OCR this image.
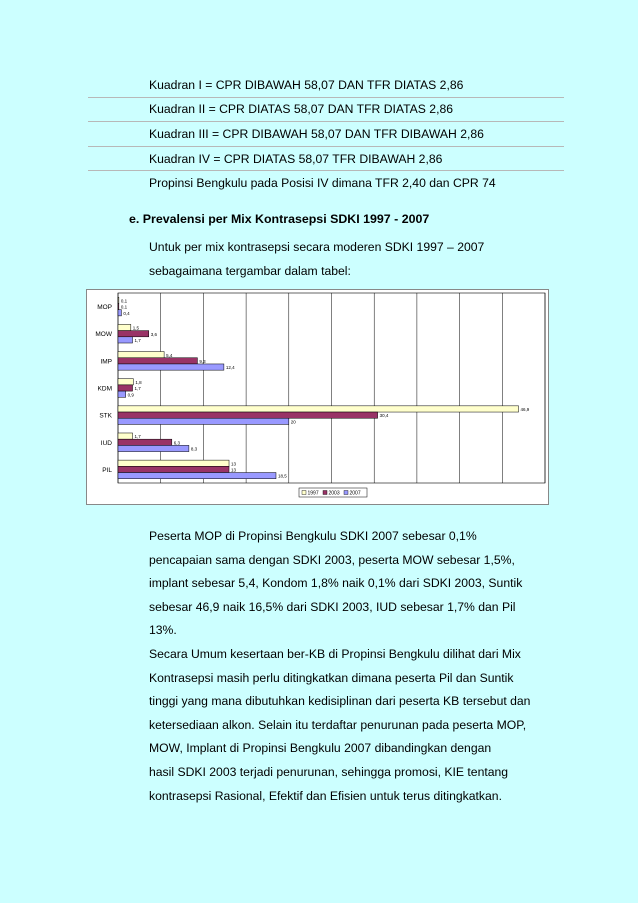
Kuadran I = CPR DIBAWAH 58,07 DAN TFR DIATAS 2,86
Kuadran II = CPR DIATAS 58,07 DAN TFR DIATAS 2,86
Kuadran III = CPR DIBAWAH 58,07 DAN TFR DIBAWAH 2,86
Kuadran IV = CPR DIATAS 58,07 TFR DIBAWAH 2,86
Propinsi Bengkulu pada Posisi IV dimana TFR 2,40 dan CPR 74
e. Prevalensi per Mix Kontrasepsi SDKI 1997 - 2007
Untuk per mix kontrasepsi secara moderen SDKI 1997 – 2007
sebagaimana tergambar dalam tabel:
MOP
0,1
0,1
0,4
MOW
1,5
3,6
1,7
IMP
5,4
9,3
12,4
KDM
1,8
1,7
0,9
STK
46,9
30,4
20
IUD
1,7
6,3
8,3
PIL
13
13
18,5
1997 2003 2007
Peserta MOP di Propinsi Bengkulu SDKI 2007 sebesar 0,1%
pencapaian sama dengan SDKI 2003, peserta MOW sebesar 1,5%,
implant sebesar 5,4, Kondom 1,8% naik 0,1% dari SDKI 2003, Suntik
sebesar 46,9 naik 16,5% dari SDKI 2003, IUD sebesar 1,7% dan Pil
13%.
Secara Umum kesertaan ber-KB di Propinsi Bengkulu dilihat dari Mix
Kontrasepsi masih perlu ditingkatkan dimana peserta Pil dan Suntik
tinggi yang mana dibutuhkan kedisiplinan dari peserta KB tersebut dan
ketersediaan alkon. Selain itu terdaftar penurunan pada peserta MOP,
MOW, Implant di Propinsi Bengkulu 2007 dibandingkan dengan
hasil SDKI 2003 terjadi penurunan, sehingga promosi, KIE tentang
kontrasepsi Rasional, Efektif dan Efisien untuk terus ditingkatkan.
